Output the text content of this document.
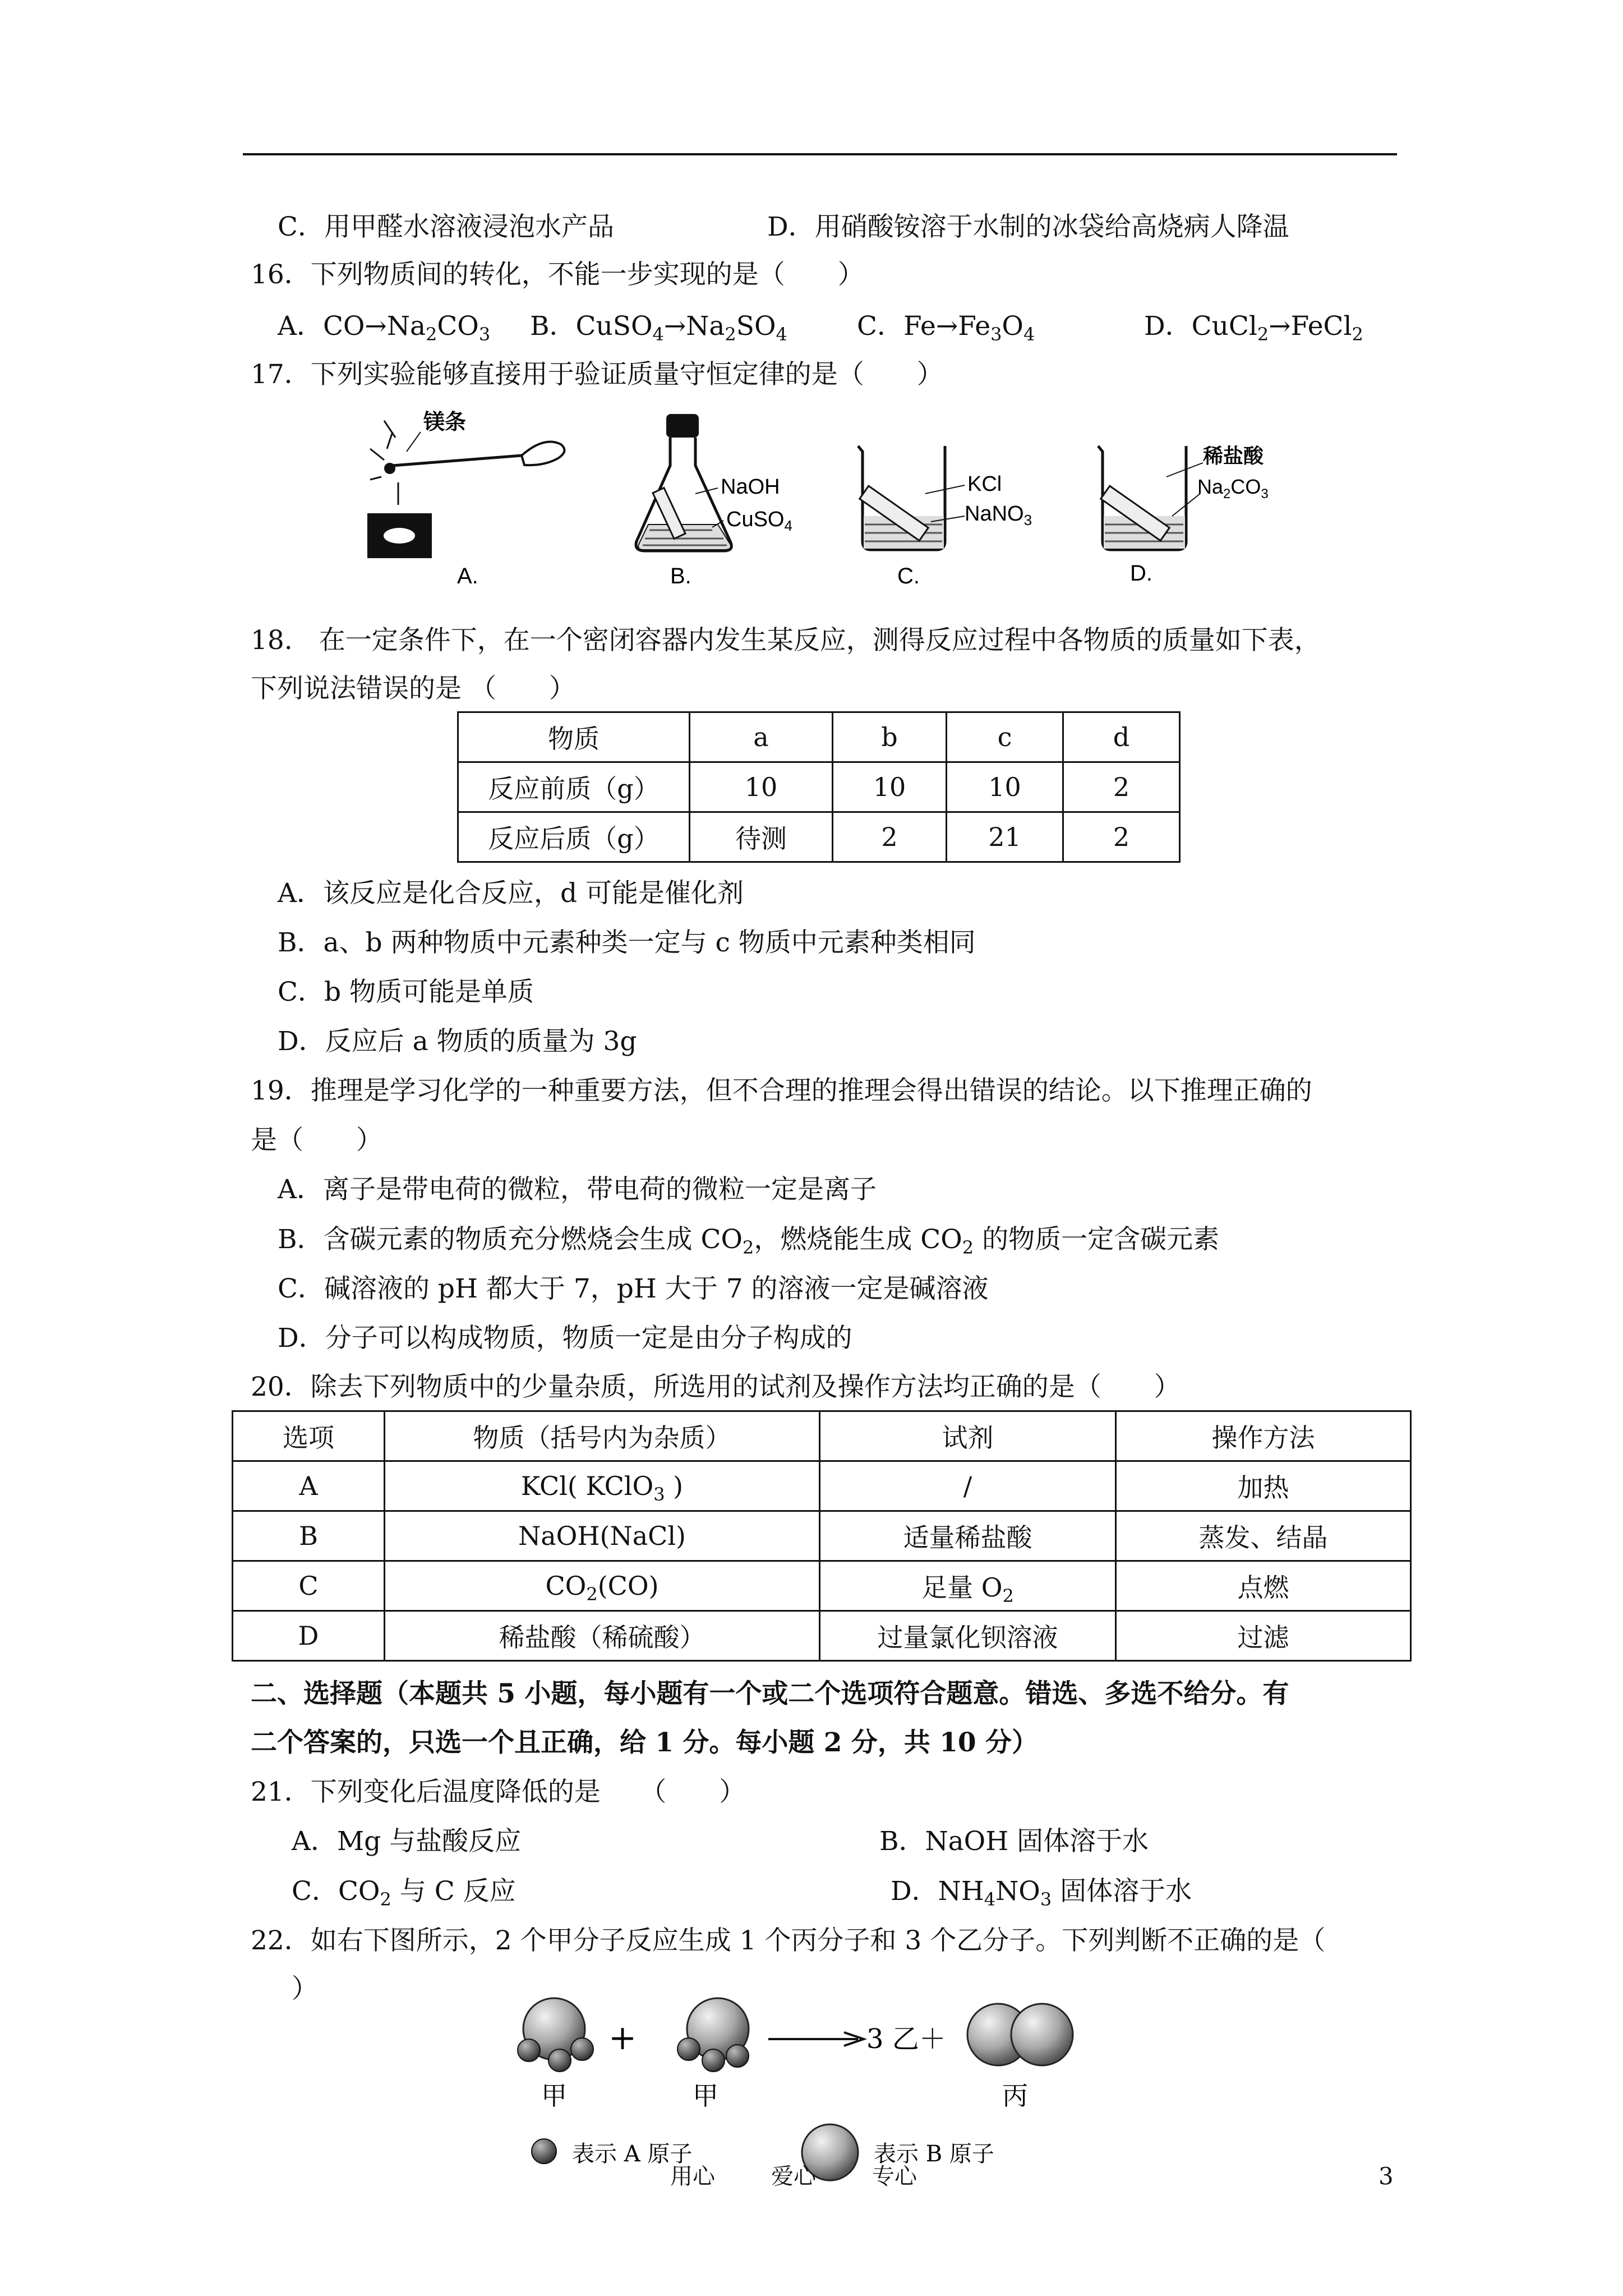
C．用甲醛水溶液浸泡水产品	D．用硝酸铵溶于水制的冰袋给高烧病人降温
16．下列物质间的转化，不能一步实现的是（　　）
A．$CO\to Na_2CO_3$ B．$CuSO_4\to Na_2SO_4$	C．$Fe\to Fe_3O_4$	D．CuCl$_2$→FeCl$_2$
17．下列实验能够直接用于验证质量守恒定律的是（　　）
镁条
A.
NaOH
CuSO$_4$
B.
KCl
NaNO$_3$
C.
稀盐酸
$Na_2CO_3$
D.
18.　在一定条件下，在一个密闭容器内发生某反应，测得反应过程中各物质的质量如下表，
下列说法错误的是 （　　）
物质	a	b	c	d
反应前质（g）	10	10	10	2
反应后质（g）	待测	2	21	2
A．该反应是化合反应，d 可能是催化剂
B．a、b 两种物质中元素种类一定与 c 物质中元素种类相同
C．b 物质可能是单质
D．反应后 a 物质的质量为 3g
19．推理是学习化学的一种重要方法，但不合理的推理会得出错误的结论。以下推理正确的
是（　　）
A．离子是带电荷的微粒，带电荷的微粒一定是离子
B．含碳元素的物质充分燃烧会生成 $CO_2$，燃烧能生成 $CO_2$ 的物质一定含碳元素
C．碱溶液的 pH 都大于 7，pH 大于 7 的溶液一定是碱溶液
D．分子可以构成物质，物质一定是由分子构成的
20．除去下列物质中的少量杂质，所选用的试剂及操作方法均正确的是（　　）
选项	物质（括号内为杂质）	试剂	操作方法
A	KCl( KClO$_3$ )	/	加热
B	NaOH(NaCl)	适量稀盐酸	蒸发、结晶
C	$CO_2(CO)$	足量 $O_2$	点燃
D	稀盐酸（稀硫酸）	过量氯化钡溶液	过滤
二、选择题（本题共 5 小题，每小题有一个或二个选项符合题意。错选、多选不给分。有
二个答案的，只选一个且正确，给 1 分。每小题 2 分，共 10 分）
21．下列变化后温度降低的是　　（　　）
A．Mg 与盐酸反应	B．NaOH 固体溶于水
C．$CO_2$ 与 C 反应	D．$NH_4NO_3$ 固体溶于水
22．如右下图所示，2 个甲分子反应生成 1 个丙分子和 3 个乙分子。下列判断不正确的是（
）
+	3 乙＋
甲	甲	丙
表示 A 原子	表示 B 原子
用心	爱心	专心	3
